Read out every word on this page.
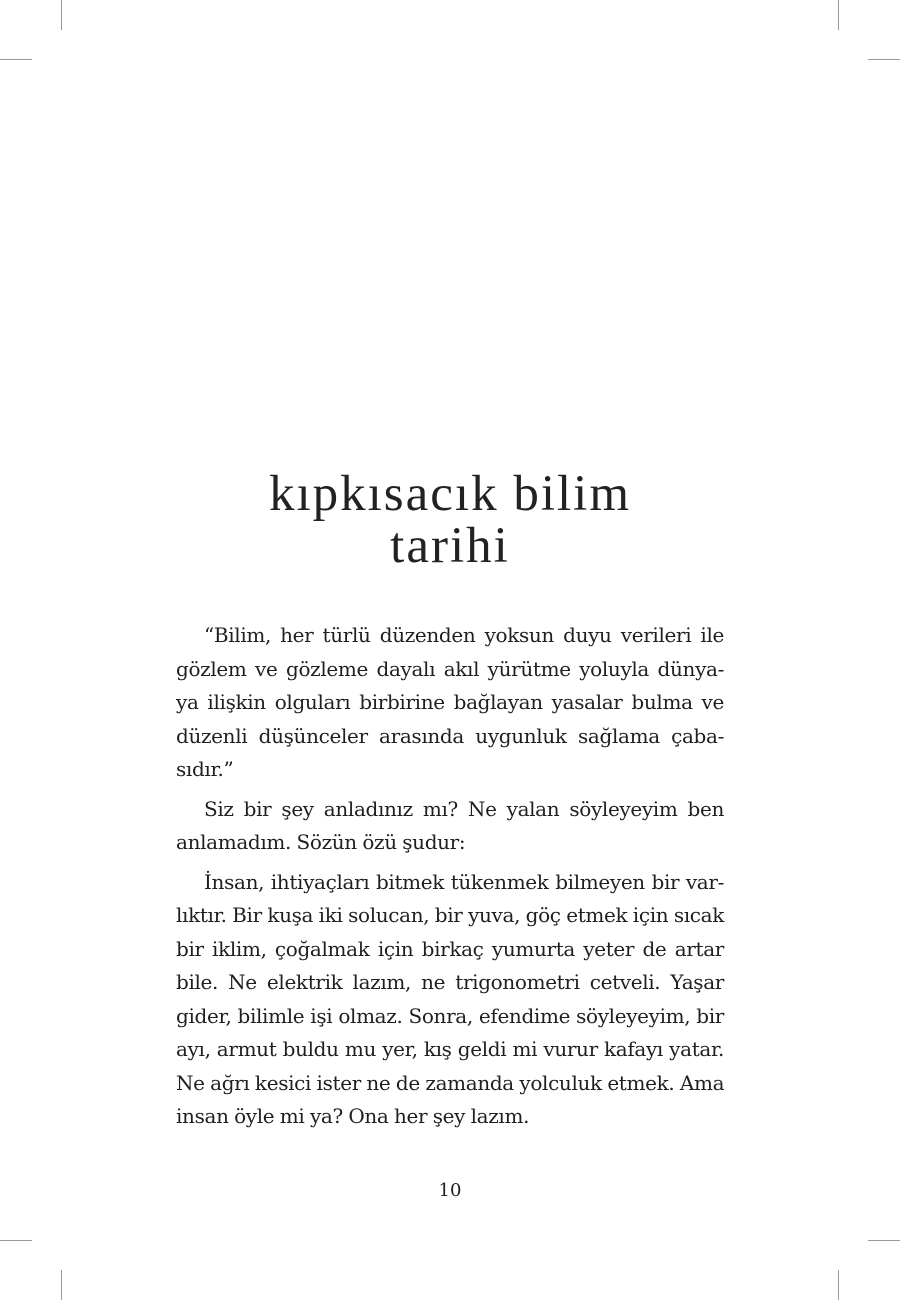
kıpkısacık bilim
tarihi

“Bilim, her türlü düzenden yoksun duyu verileri ile
gözlem ve gözleme dayalı akıl yürütme yoluyla dünya-
ya ilişkin olguları birbirine bağlayan yasalar bulma ve
düzenli düşünceler arasında uygunluk sağlama çaba-
sıdır.”

Siz bir şey anladınız mı? Ne yalan söyleyeyim ben
anlamadım. Sözün özü şudur:

İnsan, ihtiyaçları bitmek tükenmek bilmeyen bir var-
lıktır. Bir kuşa iki solucan, bir yuva, göç etmek için sıcak
bir iklim, çoğalmak için birkaç yumurta yeter de artar
bile. Ne elektrik lazım, ne trigonometri cetveli. Yaşar
gider, bilimle işi olmaz. Sonra, efendime söyleyeyim, bir
ayı, armut buldu mu yer, kış geldi mi vurur kafayı yatar.
Ne ağrı kesici ister ne de zamanda yolculuk etmek. Ama
insan öyle mi ya? Ona her şey lazım.

10
